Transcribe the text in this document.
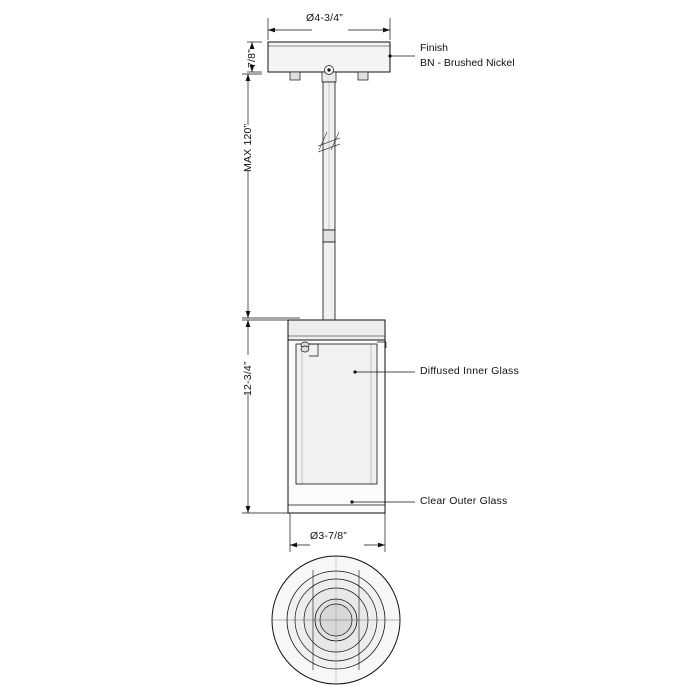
Ø4-3/4”
7/8”
MAX 120”
12-3/4”
Ø3-7/8”
Finish
BN - Brushed Nickel
Diffused Inner Glass
Clear Outer Glass
